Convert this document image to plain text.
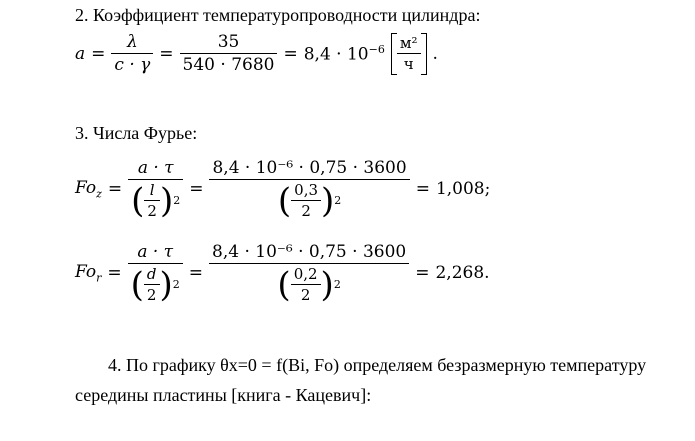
2. Коэффициент температуропроводности цилиндра:
$a = \frac{\lambda}{c \cdot \gamma} = \frac{35}{540 \cdot 7680} = 8,4 \cdot 10^{-6} \frac{\text{м²}}{ч}$ .
3. Числа Фурье:
$Fo_z = \frac{a \cdot \tau}{( \frac{l}{2} ) 2} = \frac{\text{8,4 · 10⁻⁶ · 0,75 · 3600}}{( \frac{0,3}{2} ) 2} = 1,008$;
$Fo_r = \frac{a \cdot \tau}{( \frac{d}{2} ) 2} = \frac{\text{8,4 · 10⁻⁶ · 0,75 · 3600}}{( \frac{0,2}{2} ) 2} = 2,268$.
4. По графику θx=0 = f(Bi, Fo) определяем безразмерную температуру
середины пластины [книга - Кацевич]:
